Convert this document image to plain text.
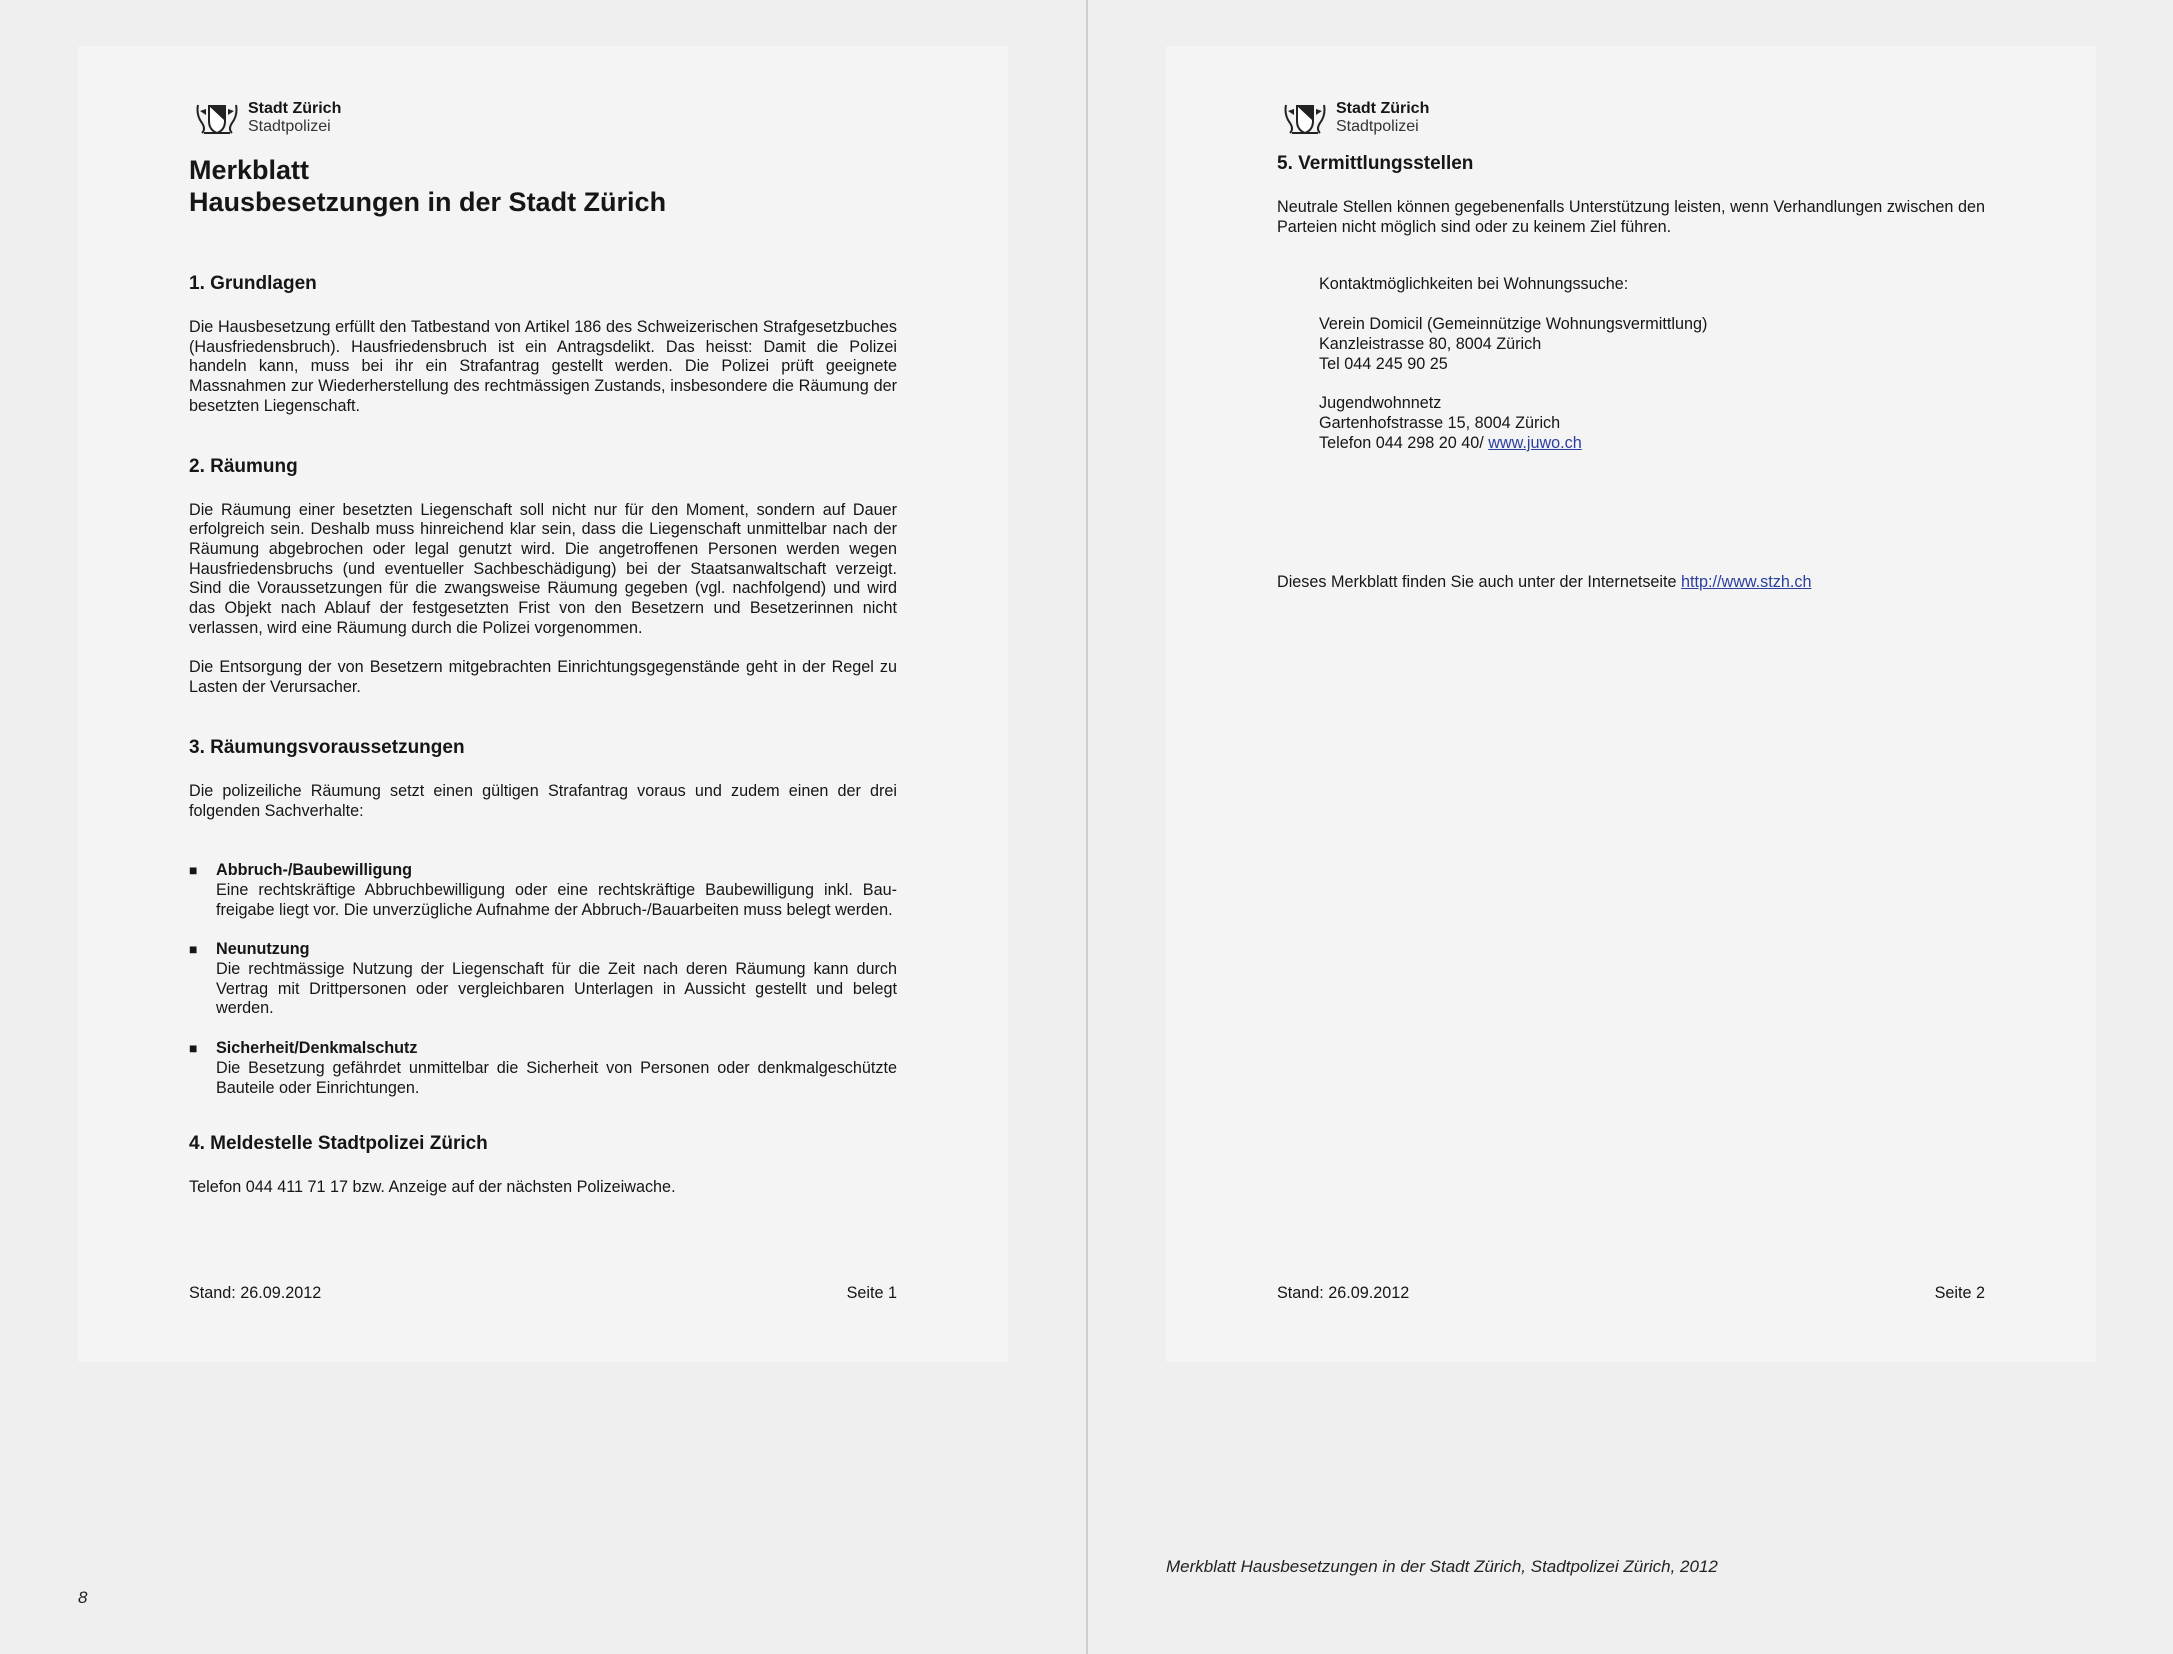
Stadt Zürich
Stadtpolizei
Merkblatt
Hausbesetzungen in der Stadt Zürich
1. Grundlagen

Die Hausbesetzung erfüllt den Tatbestand von Artikel 186 des Schweizerischen Strafgesetzbuches (Hausfriedensbruch). Hausfriedensbruch ist ein Antragsdelikt. Das heisst: Damit die Polizei handeln kann, muss bei ihr ein Strafantrag gestellt werden. Die Polizei prüft geeignete Massnahmen zur Wiederherstellung des rechtmässigen Zustands, insbesondere die Räumung der besetzten Liegenschaft.

2. Räumung

Die Räumung einer besetzten Liegenschaft soll nicht nur für den Moment, sondern auf Dauer erfolgreich sein. Deshalb muss hinreichend klar sein, dass die Liegenschaft unmittelbar nach der Räumung abgebrochen oder legal genutzt wird. Die angetroffenen Personen werden wegen Hausfriedensbruchs (und eventueller Sachbeschädigung) bei der Staatsanwaltschaft verzeigt. Sind die Voraussetzungen für die zwangsweise Räumung gegeben (vgl. nachfolgend) und wird das Objekt nach Ablauf der festgesetzten Frist von den Besetzern und Besetzerinnen nicht verlassen, wird eine Räumung durch die Polizei vorgenommen.

Die Entsorgung der von Besetzern mitgebrachten Einrichtungsgegenstände geht in der Regel zu Lasten der Verursacher.

3. Räumungsvoraussetzungen

Die polizeiliche Räumung setzt einen gültigen Strafantrag voraus und zudem einen der drei folgenden Sachverhalte:

■ Abbruch-/Baubewilligung

Eine rechtskräftige Abbruchbewilligung oder eine rechtskräftige Baubewilligung inkl. Baufreigabe liegt vor. Die unverzügliche Aufnahme der Abbruch-/Bauarbeiten muss belegt werden.

■ Neunutzung

Die rechtmässige Nutzung der Liegenschaft für die Zeit nach deren Räumung kann durch Vertrag mit Drittpersonen oder vergleichbaren Unterlagen in Aussicht gestellt und belegt werden.

■ Sicherheit/Denkmalschutz

Die Besetzung gefährdet unmittelbar die Sicherheit von Personen oder denkmalgeschützte Bauteile oder Einrichtungen.

4. Meldestelle Stadtpolizei Zürich

Telefon 044 411 71 17 bzw. Anzeige auf der nächsten Polizeiwache.

Stand: 26.09.2012	Seite 1
Stadt Zürich
Stadtpolizei
5. Vermittlungsstellen

Neutrale Stellen können gegebenenfalls Unterstützung leisten, wenn Verhandlungen zwischen den Parteien nicht möglich sind oder zu keinem Ziel führen.

Kontaktmöglichkeiten bei Wohnungssuche:
Verein Domicil (Gemeinnützige Wohnungsvermittlung)
Kanzleistrasse 80, 8004 Zürich
Tel 044 245 90 25
Jugendwohnnetz
Gartenhofstrasse 15, 8004 Zürich
Telefon 044 298 20 40/ www.juwo.ch

Dieses Merkblatt finden Sie auch unter der Internetseite http://www.stzh.ch

Stand: 26.09.2012	Seite 2
Merkblatt Hausbesetzungen in der Stadt Zürich, Stadtpolizei Zürich, 2012
8
